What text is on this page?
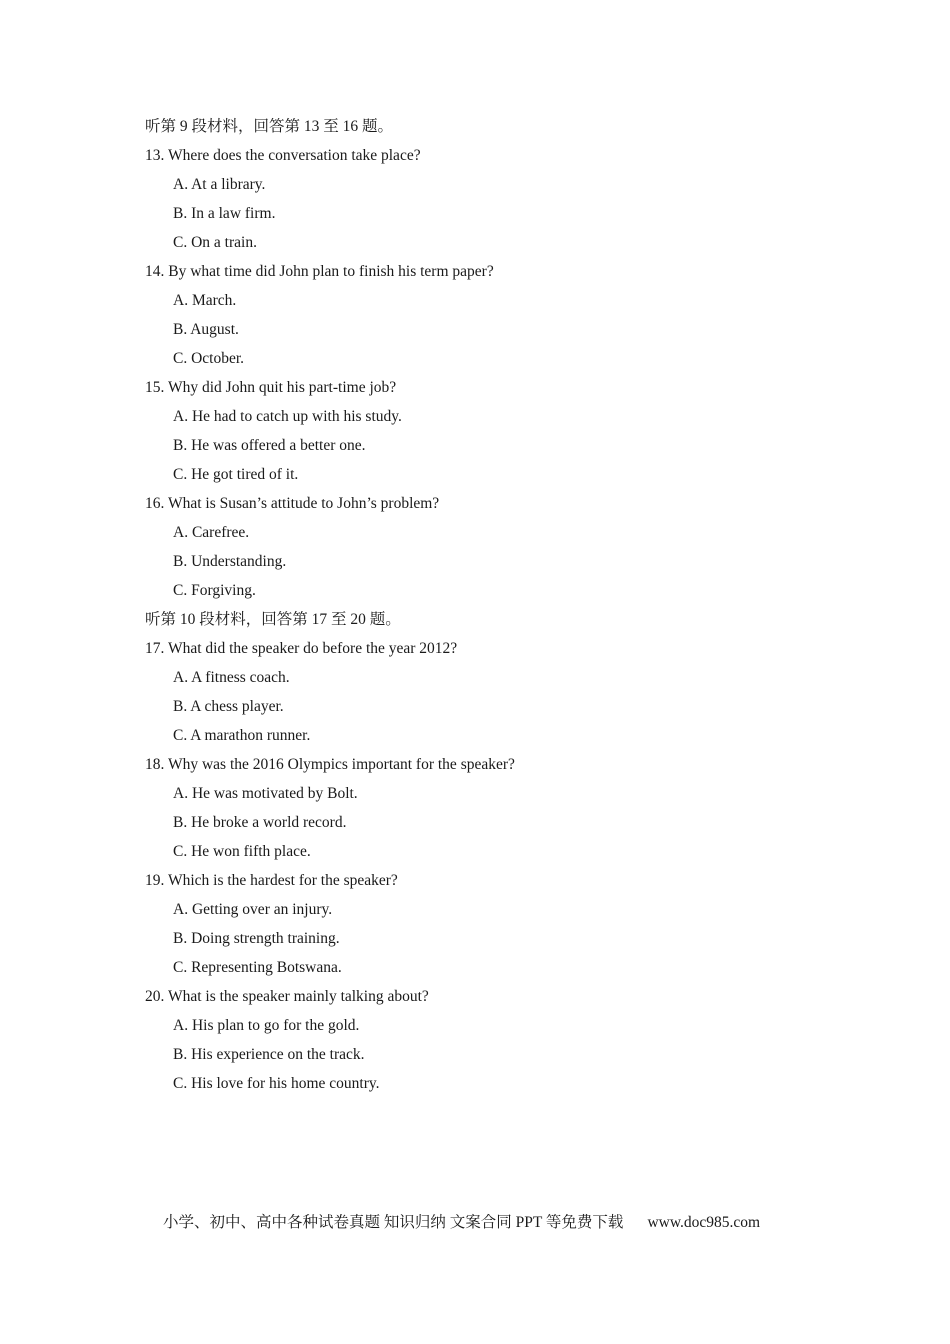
听第 9 段材料，回答第 13 至 16 题。
13. Where does the conversation take place?
A. At a library.
B. In a law firm.
C. On a train.
14. By what time did John plan to finish his term paper?
A. March.
B. August.
C. October.
15. Why did John quit his part-time job?
A. He had to catch up with his study.
B. He was offered a better one.
C. He got tired of it.
16. What is Susan’s attitude to John’s problem?
A. Carefree.
B. Understanding.
C. Forgiving.
听第 10 段材料，回答第 17 至 20 题。
17. What did the speaker do before the year 2012?
A. A fitness coach.
B. A chess player.
C. A marathon runner.
18. Why was the 2016 Olympics important for the speaker?
A. He was motivated by Bolt.
B. He broke a world record.
C. He won fifth place.
19. Which is the hardest for the speaker?
A. Getting over an injury.
B. Doing strength training.
C. Representing Botswana.
20. What is the speaker mainly talking about?
A. His plan to go for the gold.
B. His experience on the track.
C. His love for his home country.
小学、初中、高中各种试卷真题 知识归纳 文案合同 PPT 等免费下载 www.doc985.com
